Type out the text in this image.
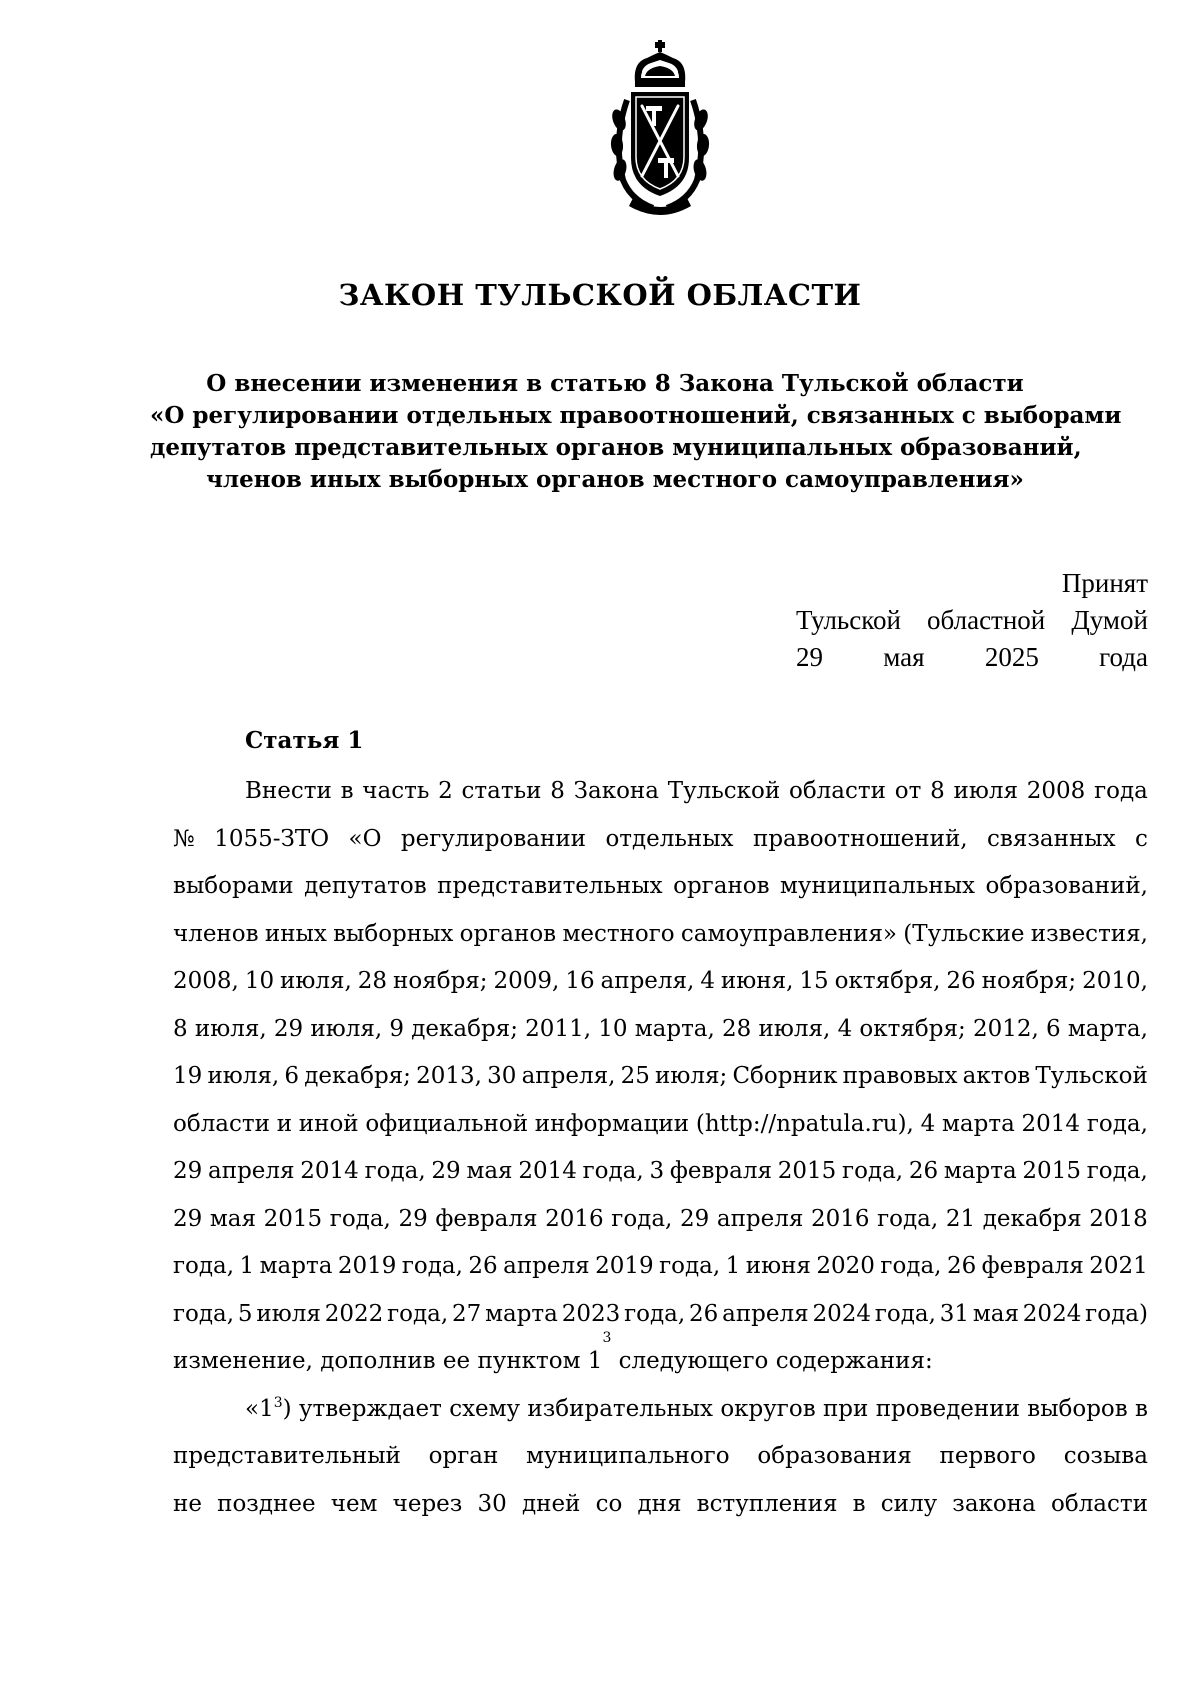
ЗАКОН ТУЛЬСКОЙ ОБЛАСТИ
О внесении изменения в статью 8 Закона Тульской области
«О регулировании отдельных правоотношений, связанных с выборами
депутатов представительных органов муниципальных образований,
членов иных выборных органов местного самоуправления»
Принят
Тульской областной Думой
29 мая 2025 года
Статья 1
Внести в часть 2 статьи 8 Закона Тульской области от 8 июля 2008 года
№ 1055-ЗТО «О регулировании отдельных правоотношений, связанных с
выборами депутатов представительных органов муниципальных образований,
членов иных выборных органов местного самоуправления» (Тульские известия,
2008, 10 июля, 28 ноября; 2009, 16 апреля, 4 июня, 15 октября, 26 ноября; 2010,
8 июля, 29 июля, 9 декабря; 2011, 10 марта, 28 июля, 4 октября; 2012, 6 марта,
19 июля, 6 декабря; 2013, 30 апреля, 25 июля; Сборник правовых актов Тульской
области и иной официальной информации (http://npatula.ru), 4 марта 2014 года,
29 апреля 2014 года, 29 мая 2014 года, 3 февраля 2015 года, 26 марта 2015 года,
29 мая 2015 года, 29 февраля 2016 года, 29 апреля 2016 года, 21 декабря 2018
года, 1 марта 2019 года, 26 апреля 2019 года, 1 июня 2020 года, 26 февраля 2021
года, 5 июля 2022 года, 27 марта 2023 года, 26 апреля 2024 года, 31 мая 2024 года)
изменение, дополнив ее пунктом 1
3
следующего содержания:
«$1^3$) утверждает схему избирательных округов при проведении выборов в
представительный орган муниципального образования первого созыва
не позднее чем через 30 дней со дня вступления в силу закона области
